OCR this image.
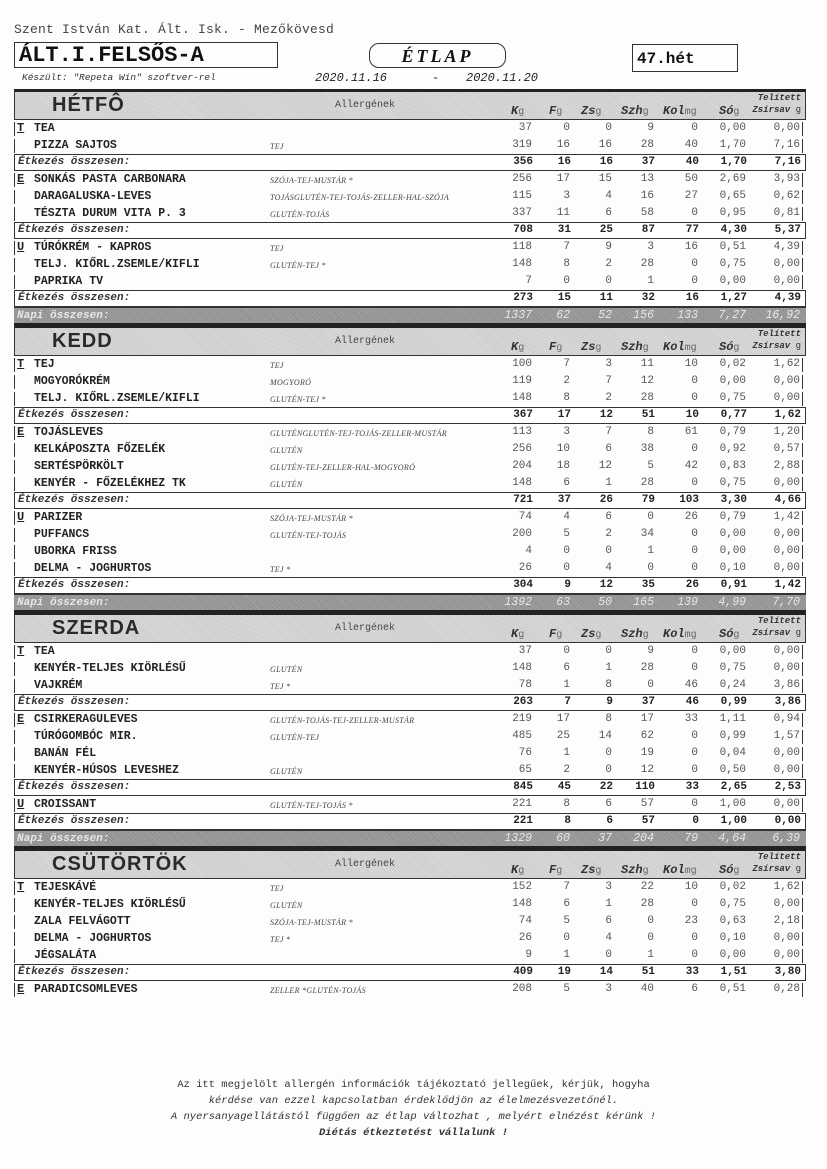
Szent István Kat. Ált. Isk. - Mezőkövesd
ÁLT.I.FELSŐS-A	ÉTLAP	47.hét
Készült: "Repeta Win" szoftver-rel	2020.11.16	- 2020.11.20
HÉTFÔ	Allergének	Kg Fg Zsg Szhg Kolmg Sóg
Telített
Zsírsav g
T TEA	37	0	0	9	0	0,00	0,00
PIZZA SAJTOS	TEJ	319	16	16	28	40	1,70	7,16
Étkezés összesen:	356	16	16	37	40	1,70	7,16
E SONKÁS PASTA CARBONARA	SZÓJA-TEJ-MUSTÁR *	256	17	15	13	50	2,69	3,93
DARAGALUSKA-LEVES	TOJÁSGLUTÉN-TEJ-TOJÁS-ZELLER-HAL-SZÓJA	115	3	4	16	27	0,65	0,62
TÉSZTA DURUM VITA P. 3	GLUTÉN-TOJÁS	337	11	6	58	0	0,95	0,81
Étkezés összesen:	708	31	25	87	77	4,30	5,37
U TÚRÓKRÉM - KAPROS	TEJ	118	7	9	3	16	0,51	4,39
TELJ. KIŐRL.ZSEMLE/KIFLI	GLUTÉN-TEJ *	148	8	2	28	0	0,75	0,00
PAPRIKA TV	7	0	0	1	0	0,00	0,00
Étkezés összesen:	273	15	11	32	16	1,27	4,39
Napi összesen:	1337	62	52	156	133	7,27	16,92
KEDD	Allergének	Kg Fg Zsg Szhg Kolmg Sóg
Telített
Zsírsav g
T TEJ	TEJ	100	7	3	11	10	0,02	1,62
MOGYORÓKRÉM	MOGYORÓ	119	2	7	12	0	0,00	0,00
TELJ. KIŐRL.ZSEMLE/KIFLI	GLUTÉN-TEJ *	148	8	2	28	0	0,75	0,00
Étkezés összesen:	367	17	12	51	10	0,77	1,62
E TOJÁSLEVES	GLUTÉNGLUTÉN-TEJ-TOJÁS-ZELLER-MUSTÁR	113	3	7	8	61	0,79	1,20
KELKÁPOSZTA FŐZELÉK	GLUTÉN	256	10	6	38	0	0,92	0,57
SERTÉSPÖRKÖLT	GLUTÉN-TEJ-ZELLER-HAL-MOGYORÓ	204	18	12	5	42	0,83	2,88
KENYÉR - FŐZELÉKHEZ TK	GLUTÉN	148	6	1	28	0	0,75	0,00
Étkezés összesen:	721	37	26	79	103	3,30	4,66
U PARIZER	SZÓJA-TEJ-MUSTÁR *	74	4	6	0	26	0,79	1,42
PUFFANCS	GLUTÉN-TEJ-TOJÁS	200	5	2	34	0	0,00	0,00
UBORKA FRISS	4	0	0	1	0	0,00	0,00
DELMA - JOGHURTOS	TEJ *	26	0	4	0	0	0,10	0,00
Étkezés összesen:	304	9	12	35	26	0,91	1,42
Napi összesen:	1392	63	50	165	139	4,99	7,70
SZERDA	Allergének	Kg Fg Zsg Szhg Kolmg Sóg
Telített
Zsírsav g
T TEA	37	0	0	9	0	0,00	0,00
KENYÉR-TELJES KIÖRLÉSŰ	GLUTÉN	148	6	1	28	0	0,75	0,00
VAJKRÉM	TEJ *	78	1	8	0	46	0,24	3,86
Étkezés összesen:	263	7	9	37	46	0,99	3,86
E CSIRKERAGULEVES	GLUTÉN-TOJÁS-TEJ-ZELLER-MUSTÁR	219	17	8	17	33	1,11	0,94
TÚRÓGOMBÓC MIR.	GLUTÉN-TEJ	485	25	14	62	0	0,99	1,57
BANÁN FÉL	76	1	0	19	0	0,04	0,00
KENYÉR-HÚSOS LEVESHEZ	GLUTÉN	65	2	0	12	0	0,50	0,00
Étkezés összesen:	845	45	22	110	33	2,65	2,53
U CROISSANT	GLUTÉN-TEJ-TOJÁS *	221	8	6	57	0	1,00	0,00
Étkezés összesen:	221	8	6	57	0	1,00	0,00
Napi összesen:	1329	60	37	204	79	4,64	6,39
CSÜTÖRTÖK	Allergének	Kg Fg Zsg Szhg Kolmg Sóg
Telített
Zsírsav g
T TEJESKÁVÉ	TEJ	152	7	3	22	10	0,02	1,62
KENYÉR-TELJES KIÖRLÉSŰ	GLUTÉN	148	6	1	28	0	0,75	0,00
ZALA FELVÁGOTT	SZÓJA-TEJ-MUSTÁR *	74	5	6	0	23	0,63	2,18
DELMA - JOGHURTOS	TEJ *	26	0	4	0	0	0,10	0,00
JÉGSALÁTA	9	1	0	1	0	0,00	0,00
Étkezés összesen:	409	19	14	51	33	1,51	3,80
E PARADICSOMLEVES	ZELLER *GLUTÉN-TOJÁS	208	5	3	40	6	0,51	0,28
Az itt megjelölt allergén információk tájékoztató jellegűek, kérjük, hogyha
kérdése van ezzel kapcsolatban érdeklődjön az élelmezésvezetőnél.
A nyersanyagellátástól függően az étlap változhat , melyért elnézést kérünk !
Diétás étkeztetést vállalunk !
